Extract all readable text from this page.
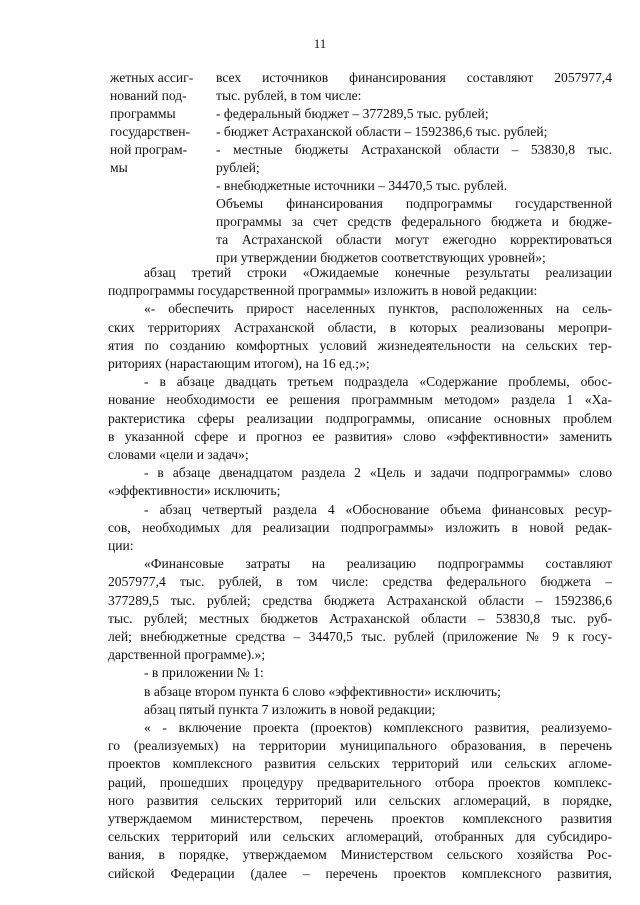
11
жетных ассиг-
нований под-
программы
государствен-
ной програм-
мы
всех источников финансирования составляют 2057977,4
тыс. рублей, в том числе:
- федеральный бюджет – 377289,5 тыс. рублей;
- бюджет Астраханской области – 1592386,6 тыс. рублей;
- местные бюджеты Астраханской области – 53830,8 тыс.
рублей;
- внебюджетные источники – 34470,5 тыс. рублей.
Объемы финансирования подпрограммы государственной
программы за счет средств федерального бюджета и бюдже-
та Астраханской области могут ежегодно корректироваться
при утверждении бюджетов соответствующих уровней»;
абзац третий строки «Ожидаемые конечные результаты реализации
подпрограммы государственной программы» изложить в новой редакции:
«- обеспечить прирост населенных пунктов, расположенных на сель-
ских территориях Астраханской области, в которых реализованы меропри-
ятия по созданию комфортных условий жизнедеятельности на сельских тер-
риториях (нарастающим итогом), на 16 ед.;»;
- в абзаце двадцать третьем подраздела «Содержание проблемы, обос-
нование необходимости ее решения программным методом» раздела 1 «Ха-
рактеристика сферы реализации подпрограммы, описание основных проблем
в указанной сфере и прогноз ее развития» слово «эффективности» заменить
словами «цели и задач»;
- в абзаце двенадцатом раздела 2 «Цель и задачи подпрограммы» слово
«эффективности» исключить;
- абзац четвертый раздела 4 «Обоснование объема финансовых ресур-
сов, необходимых для реализации подпрограммы» изложить в новой редак-
ции:
«Финансовые затраты на реализацию подпрограммы составляют
2057977,4 тыс. рублей, в том числе: средства федерального бюджета –
377289,5 тыс. рублей; средства бюджета Астраханской области – 1592386,6
тыс. рублей; местных бюджетов Астраханской области – 53830,8 тыс. руб-
лей; внебюджетные средства – 34470,5 тыс. рублей (приложение № 9 к госу-
дарственной программе).»;
- в приложении № 1:
в абзаце втором пункта 6 слово «эффективности» исключить;
абзац пятый пункта 7 изложить в новой редакции;
« - включение проекта (проектов) комплексного развития, реализуемо-
го (реализуемых) на территории муниципального образования, в перечень
проектов комплексного развития сельских территорий или сельских агломе-
раций, прошедших процедуру предварительного отбора проектов комплекс-
ного развития сельских территорий или сельских агломераций, в порядке,
утверждаемом министерством, перечень проектов комплексного развития
сельских территорий или сельских агломераций, отобранных для субсидиро-
вания, в порядке, утверждаемом Министерством сельского хозяйства Рос-
сийской Федерации (далее – перечень проектов комплексного развития,
